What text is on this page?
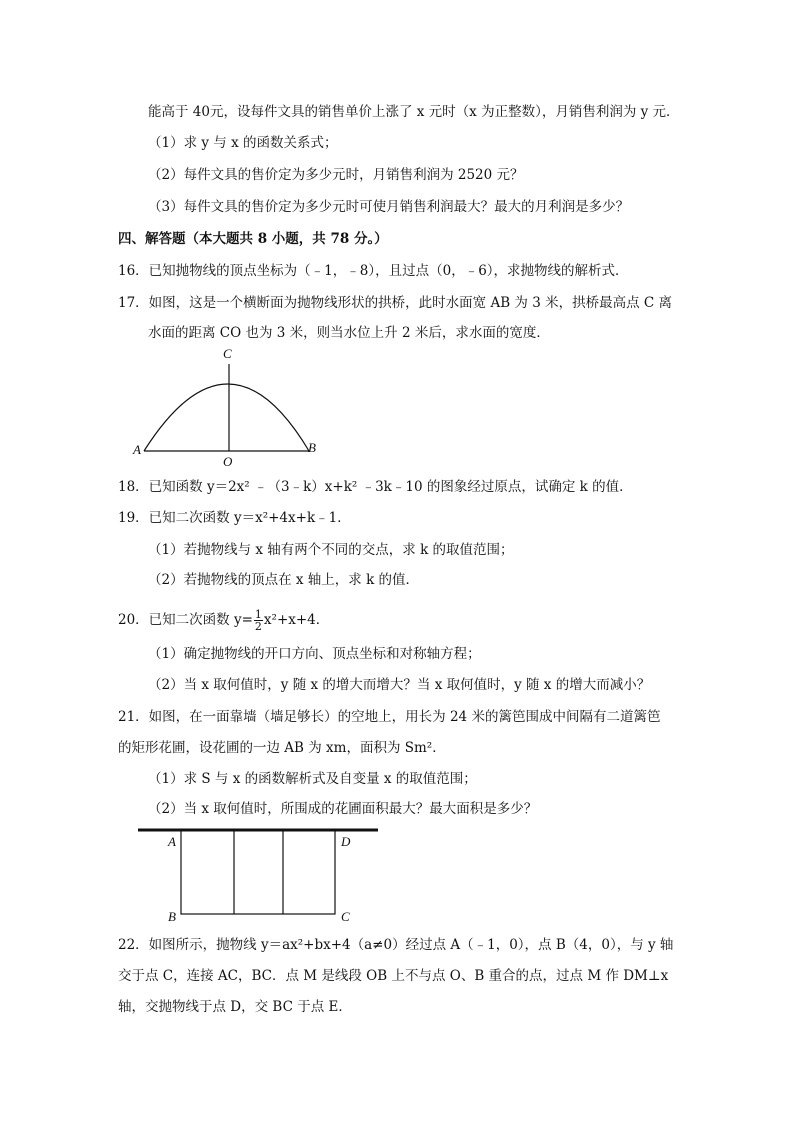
能高于 40元，设每件文具的销售单价上涨了 x 元时（x 为正整数），月销售利润为 y 元．
（1）求 y 与 x 的函数关系式；
（2）每件文具的售价定为多少元时，月销售利润为 2520 元？
（3）每件文具的售价定为多少元时可使月销售利润最大？最大的月利润是多少？
四、解答题（本大题共 8 小题，共 78 分。）
16．已知抛物线的顶点坐标为（﹣1，﹣8），且过点（0，﹣6），求抛物线的解析式．
17．如图，这是一个横断面为抛物线形状的拱桥，此时水面宽 AB 为 3 米，拱桥最高点 C 离
水面的距离 CO 也为 3 米，则当水位上升 2 米后，求水面的宽度．
C
A	B
O
18．已知函数 y＝2x² ﹣（3﹣k）x+k² ﹣3k﹣10 的图象经过原点，试确定 k 的值．
19．已知二次函数 y＝x²+4x+k﹣1．
（1）若抛物线与 x 轴有两个不同的交点，求 k 的取值范围；
（2）若抛物线的顶点在 x 轴上，求 k 的值．
20．已知二次函数 $y= \frac{1}{2} x^2+x+4$．
（1）确定抛物线的开口方向、顶点坐标和对称轴方程；
（2）当 x 取何值时，y 随 x 的增大而增大？当 x 取何值时，y 随 x 的增大而减小？
21．如图，在一面靠墙（墙足够长）的空地上，用长为 24 米的篱笆围成中间隔有二道篱笆
的矩形花圃，设花圃的一边 AB 为 xm，面积为 Sm²．
（1）求 S 与 x 的函数解析式及自变量 x 的取值范围；
（2）当 x 取何值时，所围成的花圃面积最大？最大面积是多少？
A	D
B	C
22．如图所示，抛物线 y＝ax²+bx+4（a≠0）经过点 A（﹣1，0），点 B（4，0），与 y 轴
交于点 C，连接 AC，BC．点 M 是线段 OB 上不与点 O、B 重合的点，过点 M 作 DM⊥x
轴，交抛物线于点 D，交 BC 于点 E．
